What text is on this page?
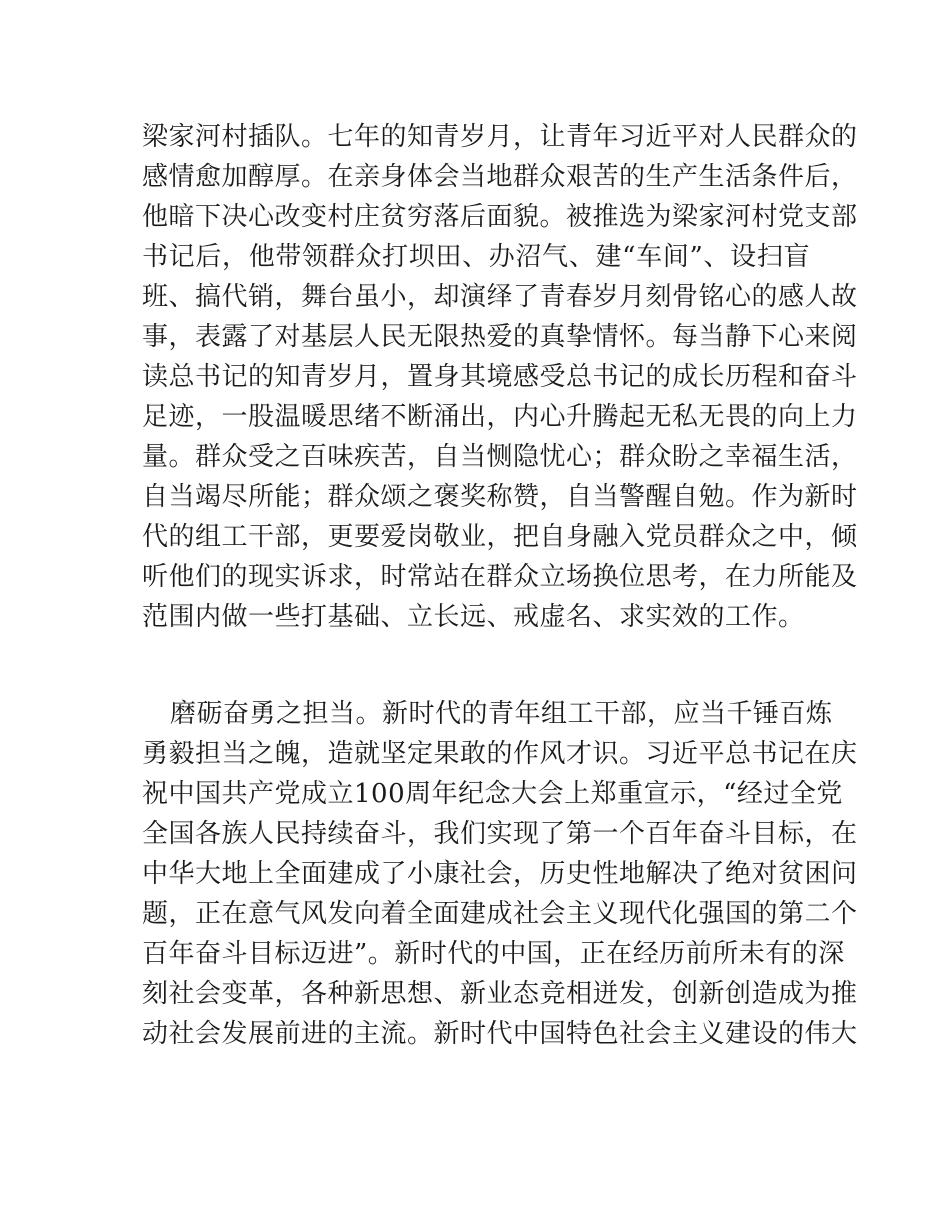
梁家河村插队。七年的知青岁月，让青年习近平对人民群众的
感情愈加醇厚。在亲身体会当地群众艰苦的生产生活条件后，
他暗下决心改变村庄贫穷落后面貌。被推选为梁家河村党支部
书记后，他带领群众打坝田、办沼气、建“车间”、设扫盲
班、搞代销，舞台虽小，却演绎了青春岁月刻骨铭心的感人故
事，表露了对基层人民无限热爱的真挚情怀。每当静下心来阅
读总书记的知青岁月，置身其境感受总书记的成长历程和奋斗
足迹，一股温暖思绪不断涌出，内心升腾起无私无畏的向上力
量。群众受之百味疾苦，自当恻隐忧心；群众盼之幸福生活，
自当竭尽所能；群众颂之褒奖称赞，自当警醒自勉。作为新时
代的组工干部，更要爱岗敬业，把自身融入党员群众之中，倾
听他们的现实诉求，时常站在群众立场换位思考，在力所能及
范围内做一些打基础、立长远、戒虚名、求实效的工作。
磨砺奋勇之担当。新时代的青年组工干部，应当千锤百炼
勇毅担当之魄，造就坚定果敢的作风才识。习近平总书记在庆
祝中国共产党成立100周年纪念大会上郑重宣示，“经过全党
全国各族人民持续奋斗，我们实现了第一个百年奋斗目标，在
中华大地上全面建成了小康社会，历史性地解决了绝对贫困问
题，正在意气风发向着全面建成社会主义现代化强国的第二个
百年奋斗目标迈进”。新时代的中国，正在经历前所未有的深
刻社会变革，各种新思想、新业态竞相迸发，创新创造成为推
动社会发展前进的主流。新时代中国特色社会主义建设的伟大
